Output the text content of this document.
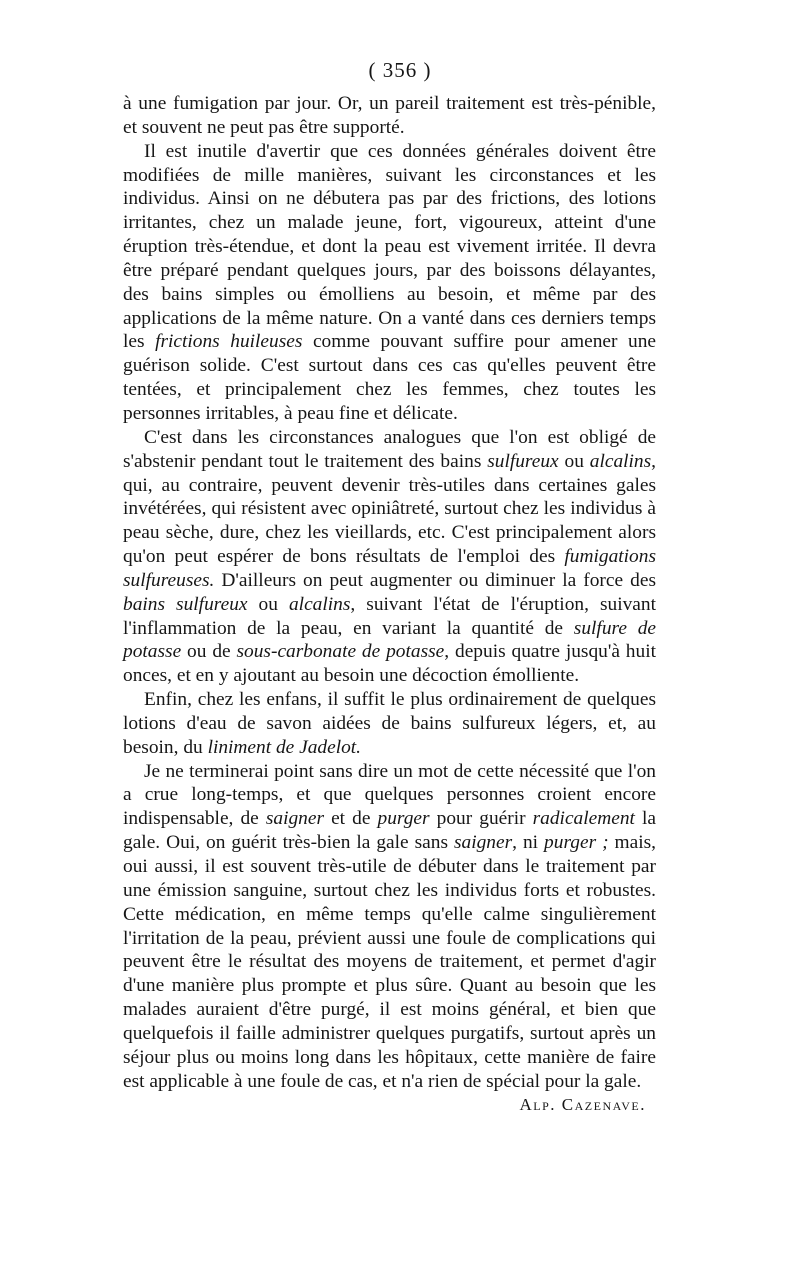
( 356 )

à une fumigation par jour. Or, un pareil traitement est très-pénible, et souvent ne peut pas être supporté.

Il est inutile d'avertir que ces données générales doivent être modifiées de mille manières, suivant les circonstances et les individus. Ainsi on ne débutera pas par des frictions, des lotions irritantes, chez un malade jeune, fort, vigoureux, atteint d'une éruption très-étendue, et dont la peau est vivement irritée. Il devra être préparé pendant quelques jours, par des boissons délayantes, des bains simples ou émolliens au besoin, et même par des applications de la même nature. On a vanté dans ces derniers temps les frictions huileuses comme pouvant suffire pour amener une guérison solide. C'est surtout dans ces cas qu'elles peuvent être tentées, et principalement chez les femmes, chez toutes les personnes irritables, à peau fine et délicate.

C'est dans les circonstances analogues que l'on est obligé de s'abstenir pendant tout le traitement des bains sulfureux ou alcalins, qui, au contraire, peuvent devenir très-utiles dans certaines gales invétérées, qui résistent avec opiniâtreté, surtout chez les individus à peau sèche, dure, chez les vieillards, etc. C'est principalement alors qu'on peut espérer de bons résultats de l'emploi des fumigations sulfureuses. D'ailleurs on peut augmenter ou diminuer la force des bains sulfureux ou alcalins, suivant l'état de l'éruption, suivant l'inflammation de la peau, en variant la quantité de sulfure de potasse ou de sous-carbonate de potasse, depuis quatre jusqu'à huit onces, et en y ajoutant au besoin une décoction émolliente.

Enfin, chez les enfans, il suffit le plus ordinairement de quelques lotions d'eau de savon aidées de bains sulfureux légers, et, au besoin, du liniment de Jadelot.

Je ne terminerai point sans dire un mot de cette nécessité que l'on a crue long-temps, et que quelques personnes croient encore indispensable, de saigner et de purger pour guérir radicalement la gale. Oui, on guérit très-bien la gale sans saigner, ni purger ; mais, oui aussi, il est souvent très-utile de débuter dans le traitement par une émission sanguine, surtout chez les individus forts et robustes. Cette médication, en même temps qu'elle calme singulièrement l'irritation de la peau, prévient aussi une foule de complications qui peuvent être le résultat des moyens de traitement, et permet d'agir d'une manière plus prompte et plus sûre. Quant au besoin que les malades auraient d'être purgé, il est moins général, et bien que quelquefois il faille administrer quelques purgatifs, surtout après un séjour plus ou moins long dans les hôpitaux, cette manière de faire est applicable à une foule de cas, et n'a rien de spécial pour la gale.
Alp. Cazenave.
